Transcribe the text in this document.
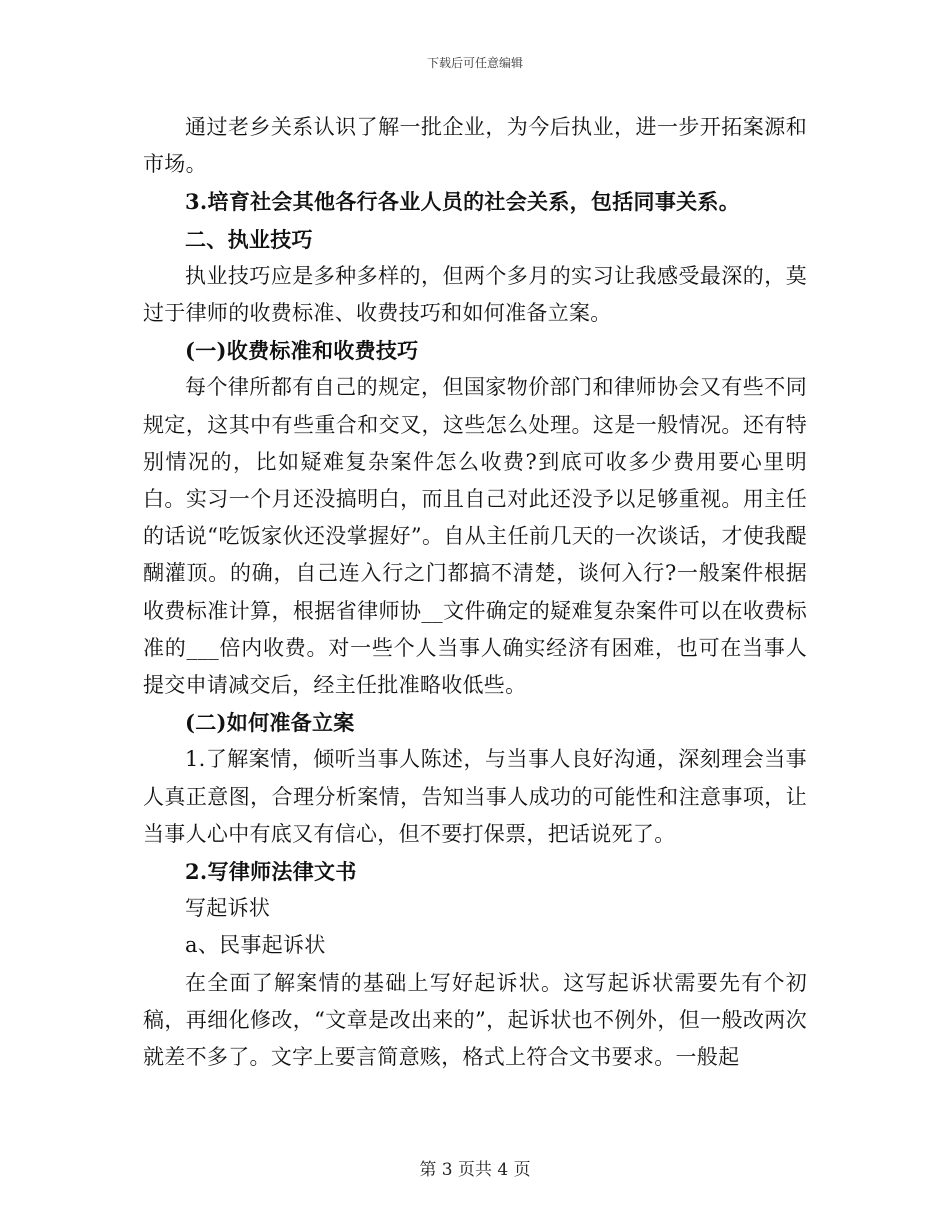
下载后可任意编辑

通过老乡关系认识了解一批企业，为今后执业，进一步开拓案源和市场。

3.培育社会其他各行各业人员的社会关系，包括同事关系。

二、执业技巧

执业技巧应是多种多样的，但两个多月的实习让我感受最深的，莫过于律师的收费标准、收费技巧和如何准备立案。

(一)收费标准和收费技巧

每个律所都有自己的规定，但国家物价部门和律师协会又有些不同规定，这其中有些重合和交叉，这些怎么处理。这是一般情况。还有特别情况的，比如疑难复杂案件怎么收费?到底可收多少费用要心里明白。实习一个月还没搞明白，而且自己对此还没予以足够重视。用主任的话说“吃饭家伙还没掌握好”。自从主任前几天的一次谈话，才使我醍醐灌顶。的确，自己连入行之门都搞不清楚，谈何入行?一般案件根据收费标准计算，根据省律师协__文件确定的疑难复杂案件可以在收费标准的___倍内收费。对一些个人当事人确实经济有困难，也可在当事人提交申请减交后，经主任批准略收低些。

(二)如何准备立案

1.了解案情，倾听当事人陈述，与当事人良好沟通，深刻理会当事人真正意图，合理分析案情，告知当事人成功的可能性和注意事项，让当事人心中有底又有信心，但不要打保票，把话说死了。

2.写律师法律文书

写起诉状

a、民事起诉状

在全面了解案情的基础上写好起诉状。这写起诉状需要先有个初稿，再细化修改，“文章是改出来的”，起诉状也不例外，但一般改两次就差不多了。文字上要言简意赅，格式上符合文书要求。一般起

第 3 页共 4 页
